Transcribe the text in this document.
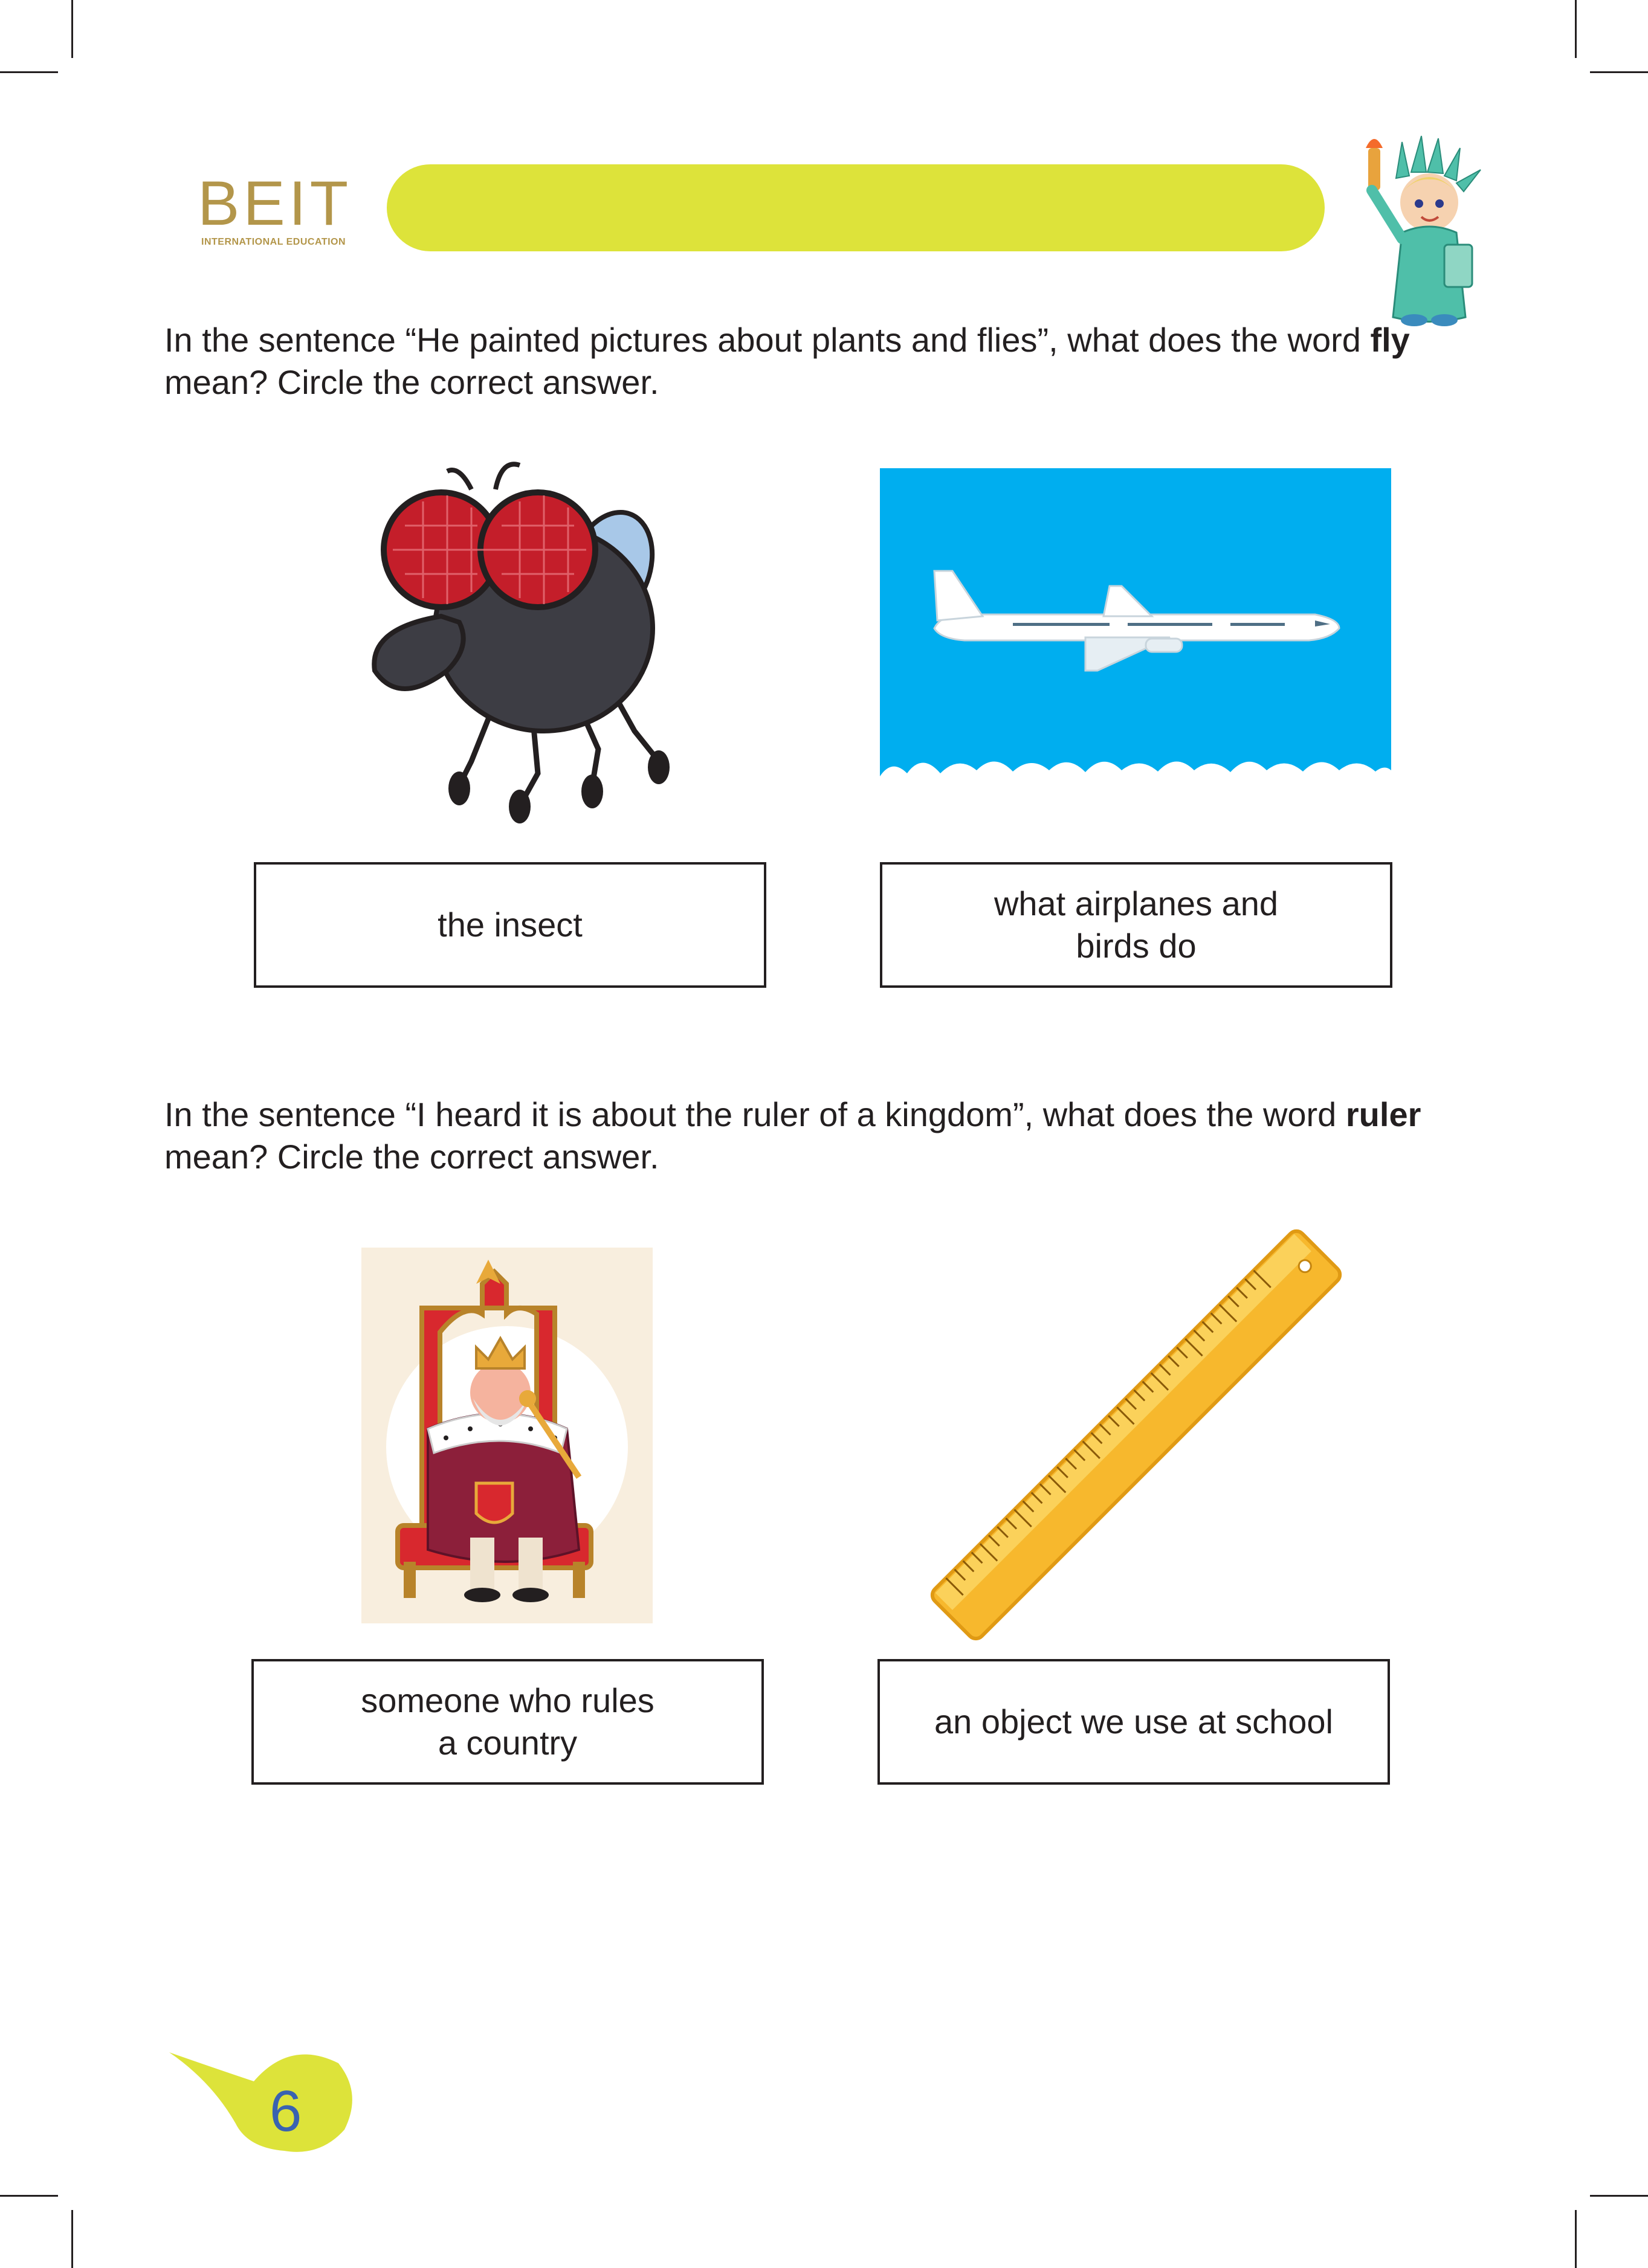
BEIT
INTERNATIONAL EDUCATION
In the sentence “He painted pictures about plants and flies”, what does the word fly mean? Circle the correct answer.
the insect
what airplanes and
birds do
In the sentence “I heard it is about the ruler of a kingdom”, what does the word ruler mean? Circle the correct answer.
someone who rules
a country
an object we use at school
6
